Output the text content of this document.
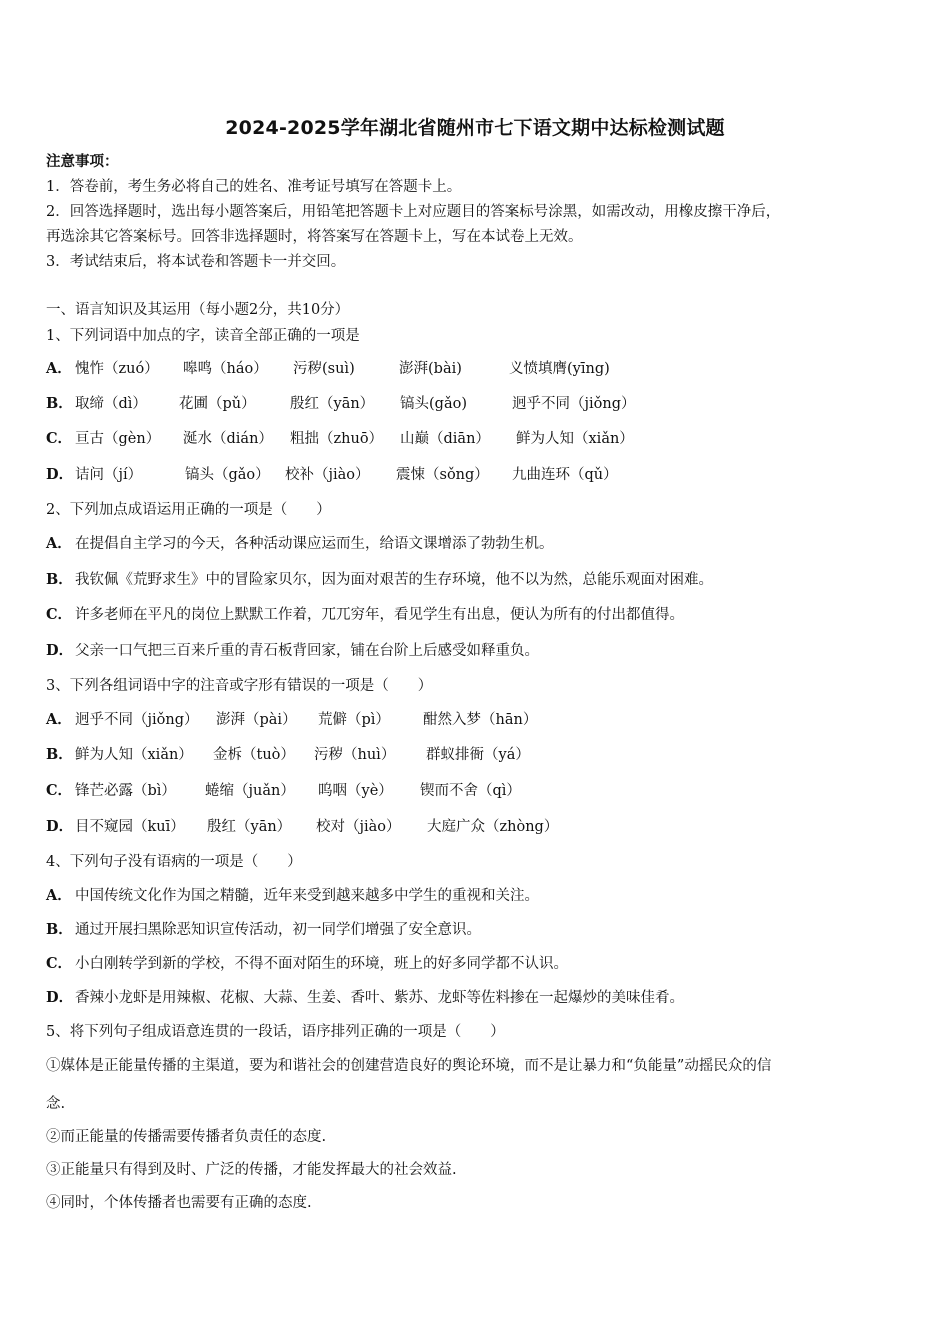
2024-2025学年湖北省随州市七下语文期中达标检测试题
注意事项：
1．答卷前，考生务必将自己的姓名、准考证号填写在答题卡上。
2．回答选择题时，选出每小题答案后，用铅笔把答题卡上对应题目的答案标号涂黑，如需改动，用橡皮擦干净后，
再选涂其它答案标号。回答非选择题时，将答案写在答题卡上，写在本试卷上无效。
3．考试结束后，将本试卷和答题卡一并交回。
一、语言知识及其运用（每小题2分，共10分）
1、下列词语中加点的字，读音全部正确的一项是
A． 愧怍（zuó） 嗥鸣（háo） 污秽(suì)	澎湃(bài)	义愤填膺(yīng)
B． 取缔（dì） 花圃（pǔ） 殷红（yān） 镐头(gǎo)	迥乎不同（jiǒng）
C． 亘古（gèn） 涎水（dián） 粗拙（zhuō） 山巅（diān） 鲜为人知（xiǎn）
D． 诘问（jí）	镐头（gǎo） 校补（jiào） 震悚（sǒng） 九曲连环（qǔ）
2、下列加点成语运用正确的一项是（　　）
A． 在提倡自主学习的今天，各种活动课应运而生，给语文课增添了勃勃生机。
B． 我钦佩《荒野求生》中的冒险家贝尔，因为面对艰苦的生存环境，他不以为然，总能乐观面对困难。
C． 许多老师在平凡的岗位上默默工作着，兀兀穷年，看见学生有出息，便认为所有的付出都值得。
D． 父亲一口气把三百来斤重的青石板背回家，铺在台阶上后感受如释重负。
3、下列各组词语中字的注音或字形有错误的一项是（　　）
A． 迥乎不同（jiǒng） 澎湃（pài） 荒僻（pì） 酣然入梦（hān）
B． 鲜为人知（xiǎn） 金柝（tuò） 污秽（huì） 群蚁排衙（yá）
C． 锋芒必露（bì） 蜷缩（juǎn） 呜咽（yè） 锲而不舍（qì）
D． 目不窥园（kuī） 殷红（yān） 校对（jiào） 大庭广众（zhòng）
4、下列句子没有语病的一项是（　　）
A． 中国传统文化作为国之精髓，近年来受到越来越多中学生的重视和关注。
B． 通过开展扫黑除恶知识宣传活动，初一同学们增强了安全意识。
C． 小白刚转学到新的学校，不得不面对陌生的环境，班上的好多同学都不认识。
D． 香辣小龙虾是用辣椒、花椒、大蒜、生姜、香叶、紫苏、龙虾等佐料掺在一起爆炒的美味佳肴。
5、将下列句子组成语意连贯的一段话，语序排列正确的一项是（　　）
①媒体是正能量传播的主渠道，要为和谐社会的创建营造良好的舆论环境，而不是让暴力和“负能量”动摇民众的信
念.
②而正能量的传播需要传播者负责任的态度.
③正能量只有得到及时、广泛的传播，才能发挥最大的社会效益.
④同时，个体传播者也需要有正确的态度.
